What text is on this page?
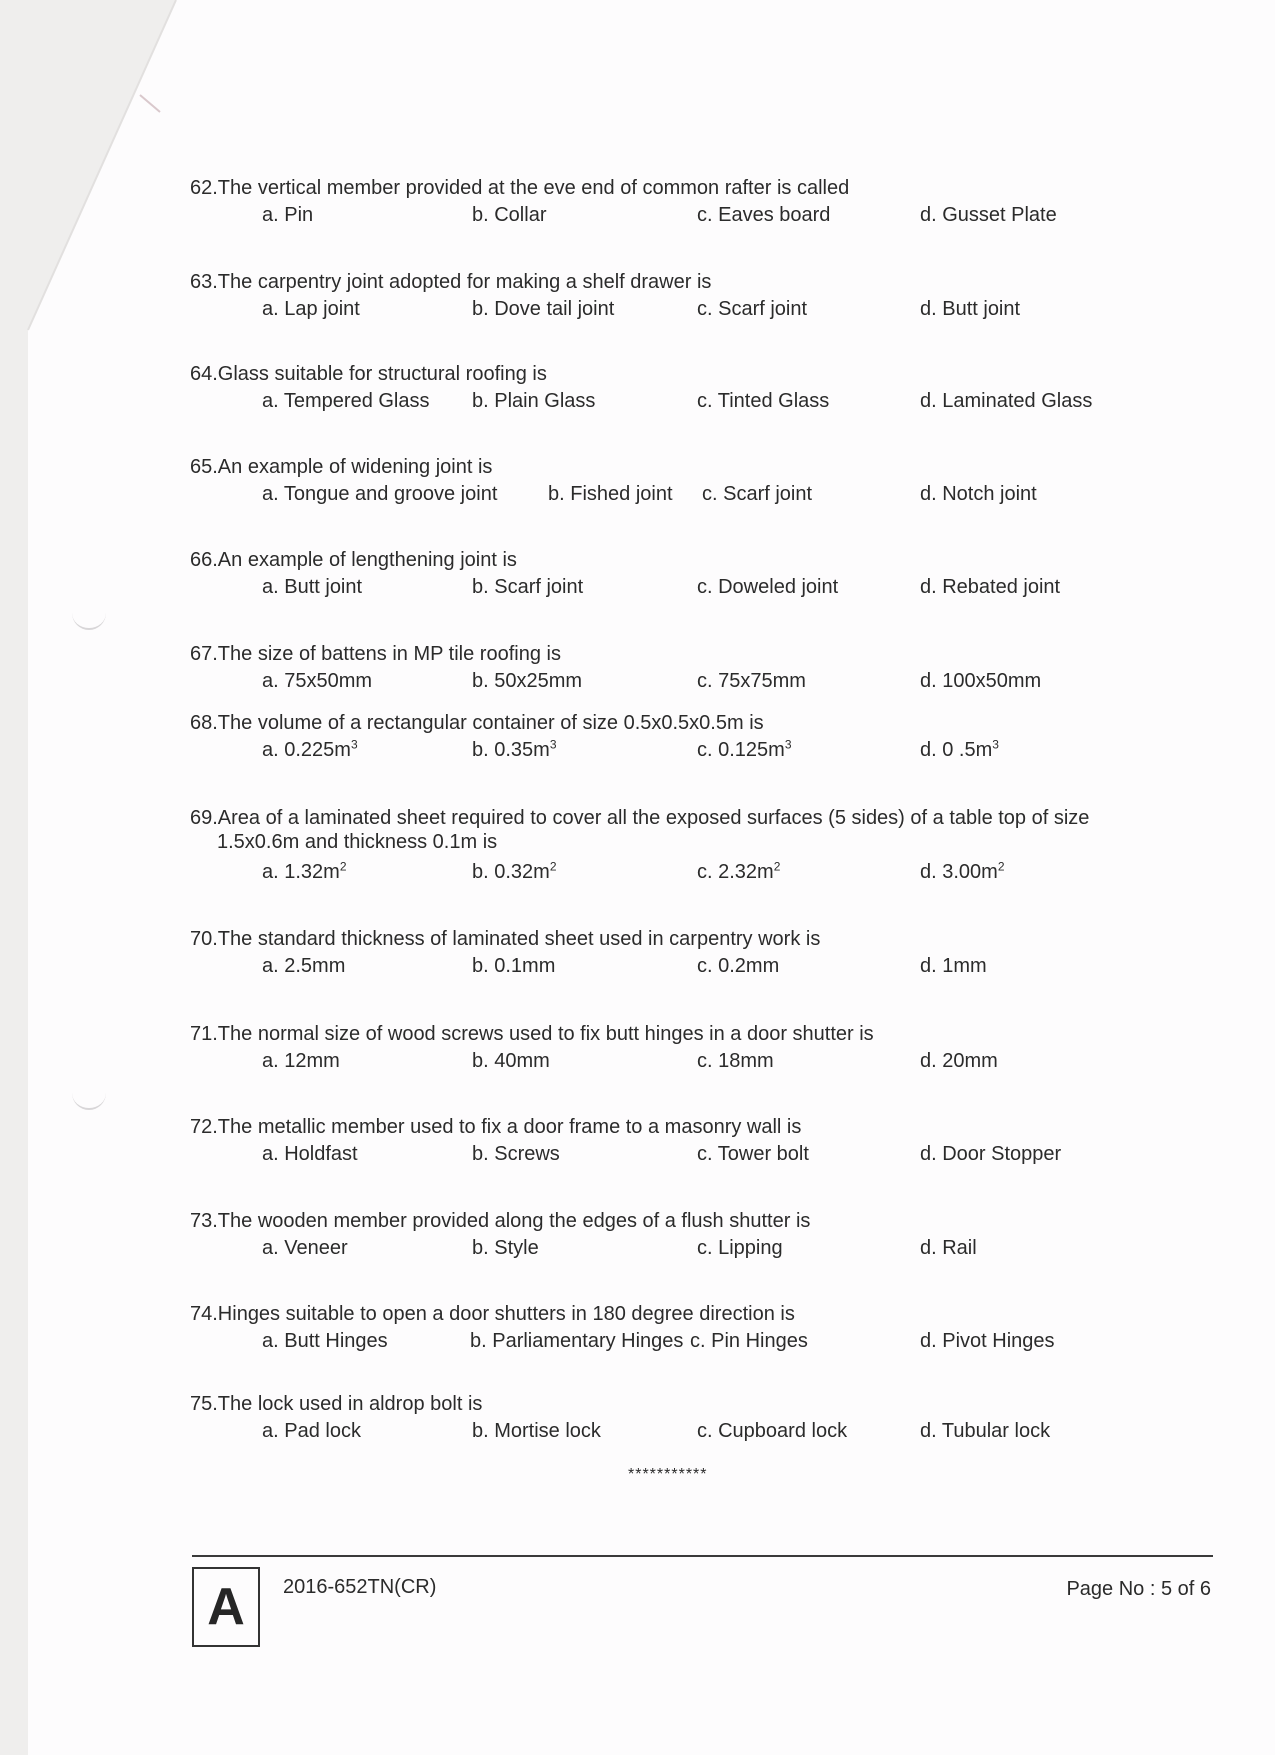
62.The vertical member provided at the eve end of common rafter is called
a. Pin	b. Collar	c. Eaves board	d. Gusset Plate
63.The carpentry joint adopted for making a shelf drawer is
a. Lap joint	b. Dove tail joint	c. Scarf joint	d. Butt joint
64.Glass suitable for structural roofing is
a. Tempered Glass b. Plain Glass	c. Tinted Glass	d. Laminated Glass
65.An example of widening joint is
a. Tongue and groove joint	b. Fished joint c. Scarf joint	d. Notch joint
66.An example of lengthening joint is
a. Butt joint	b. Scarf joint	c. Doweled joint	d. Rebated joint
67.The size of battens in MP tile roofing is
a. 75x50mm	b. 50x25mm	c. 75x75mm	d. 100x50mm
68.The volume of a rectangular container of size 0.5x0.5x0.5m is
a. $0.225m^3$	b. $0.35m^3$	c. $0.125m^3$	d. 0 $.5m^3$
69.Area of a laminated sheet required to cover all the exposed surfaces (5 sides) of a table top of size
1.5x0.6m and thickness 0.1m is
a. $1.32m^2$	b. $0.32m^2$	c. $2.32m^2$	d. $3.00m^2$
70.The standard thickness of laminated sheet used in carpentry work is
a. 2.5mm	b. 0.1mm	c. 0.2mm	d. 1mm
71.The normal size of wood screws used to fix butt hinges in a door shutter is
a. 12mm	b. 40mm	c. 18mm	d. 20mm
72.The metallic member used to fix a door frame to a masonry wall is
a. Holdfast	b. Screws	c. Tower bolt	d. Door Stopper
73.The wooden member provided along the edges of a flush shutter is
a. Veneer	b. Style	c. Lipping	d. Rail
74.Hinges suitable to open a door shutters in 180 degree direction is
a. Butt Hinges	b. Parliamentary Hinges c. Pin Hinges	d. Pivot Hinges
75.The lock used in aldrop bolt is
a. Pad lock	b. Mortise lock	c. Cupboard lock	d. Tubular lock
***********
A	2016-652TN(CR)	Page No : 5 of 6
